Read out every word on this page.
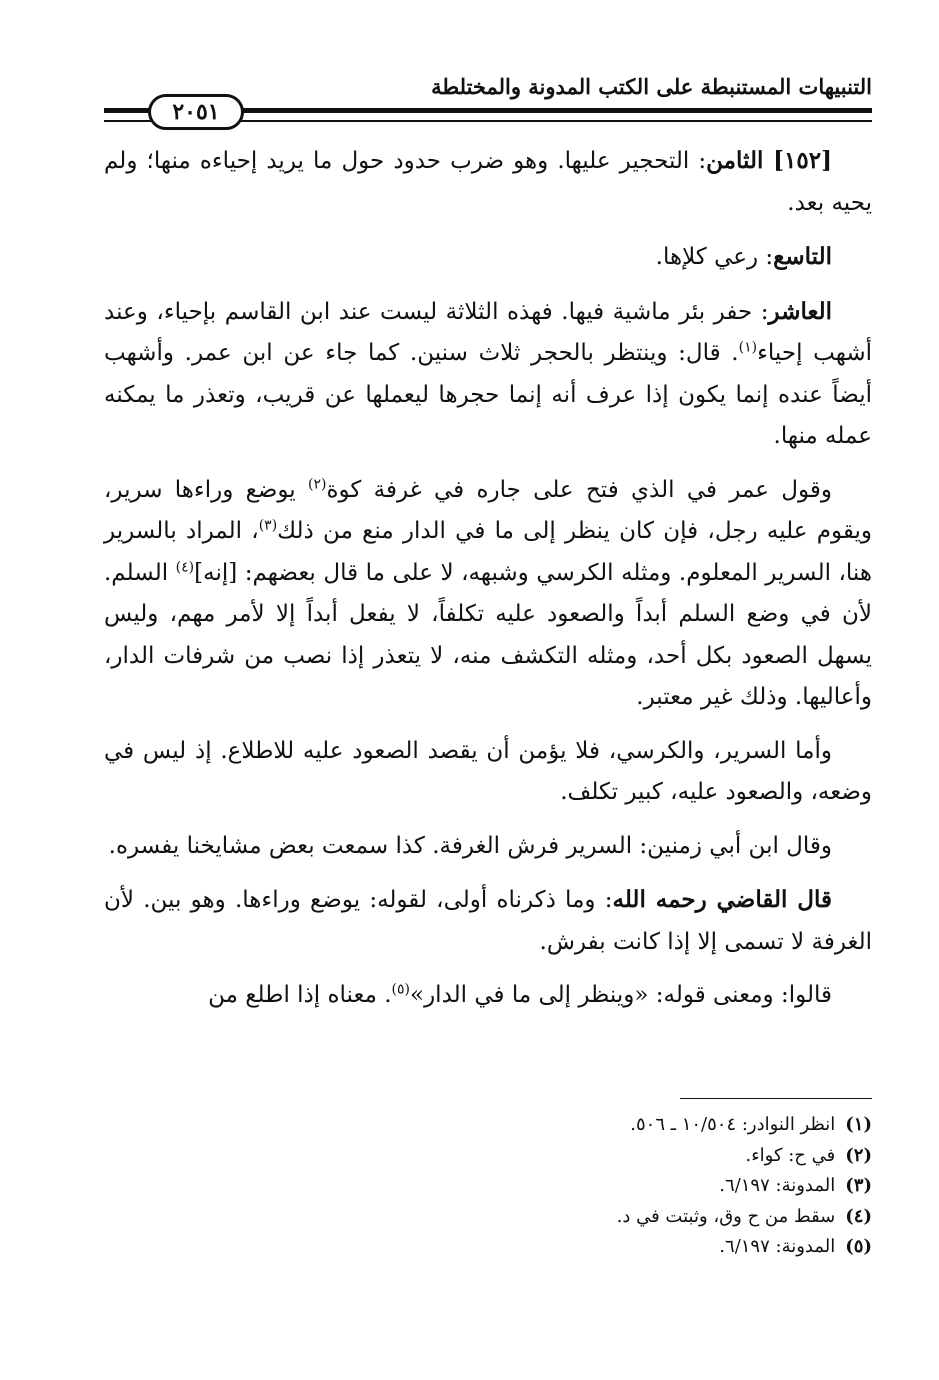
التنبيهات المستنبطة على الكتب المدونة والمختلطة
٢٠٥١

[١٥٢] الثامن: التحجير عليها. وهو ضرب حدود حول ما يريد إحياءه منها؛ ولم يحيه بعد.

التاسع: رعي كلإها.

العاشر: حفر بئر ماشية فيها. فهذه الثلاثة ليست عند ابن القاسم بإحياء، وعند أشهب إحياء$^{(١)}$. قال: وينتظر بالحجر ثلاث سنين. كما جاء عن ابن عمر. وأشهب أيضاً عنده إنما يكون إذا عرف أنه إنما حجرها ليعملها عن قريب، وتعذر ما يمكنه عمله منها.

وقول عمر في الذي فتح على جاره في غرفة كوة$^{(٢)}$ يوضع وراءها سرير، ويقوم عليه رجل، فإن كان ينظر إلى ما في الدار منع من ذلك$^{(٣)}$، المراد بالسرير هنا، السرير المعلوم. ومثله الكرسي وشبهه، لا على ما قال بعضهم: [إنه]$^{(٤)}$ السلم. لأن في وضع السلم أبداً والصعود عليه تكلفاً، لا يفعل أبداً إلا لأمر مهم، وليس يسهل الصعود بكل أحد، ومثله التكشف منه، لا يتعذر إذا نصب من شرفات الدار، وأعاليها. وذلك غير معتبر.

وأما السرير، والكرسي، فلا يؤمن أن يقصد الصعود عليه للاطلاع. إذ ليس في وضعه، والصعود عليه، كبير تكلف.

وقال ابن أبي زمنين: السرير فرش الغرفة. كذا سمعت بعض مشايخنا يفسره.

قال القاضي رحمه الله: وما ذكرناه أولى، لقوله: يوضع وراءها. وهو بين. لأن الغرفة لا تسمى إلا إذا كانت بفرش.

قالوا: ومعنى قوله: «وينظر إلى ما في الدار»$^{(٥)}$. معناه إذا اطلع من

(١)انظر النوادر: ١٠/٥٠٤ ـ ٥٠٦.
(٢)في ح: كواء.
(٣)المدونة: ٦/١٩٧.
(٤)سقط من ح وق، وثبتت في د.
(٥)المدونة: ٦/١٩٧.
